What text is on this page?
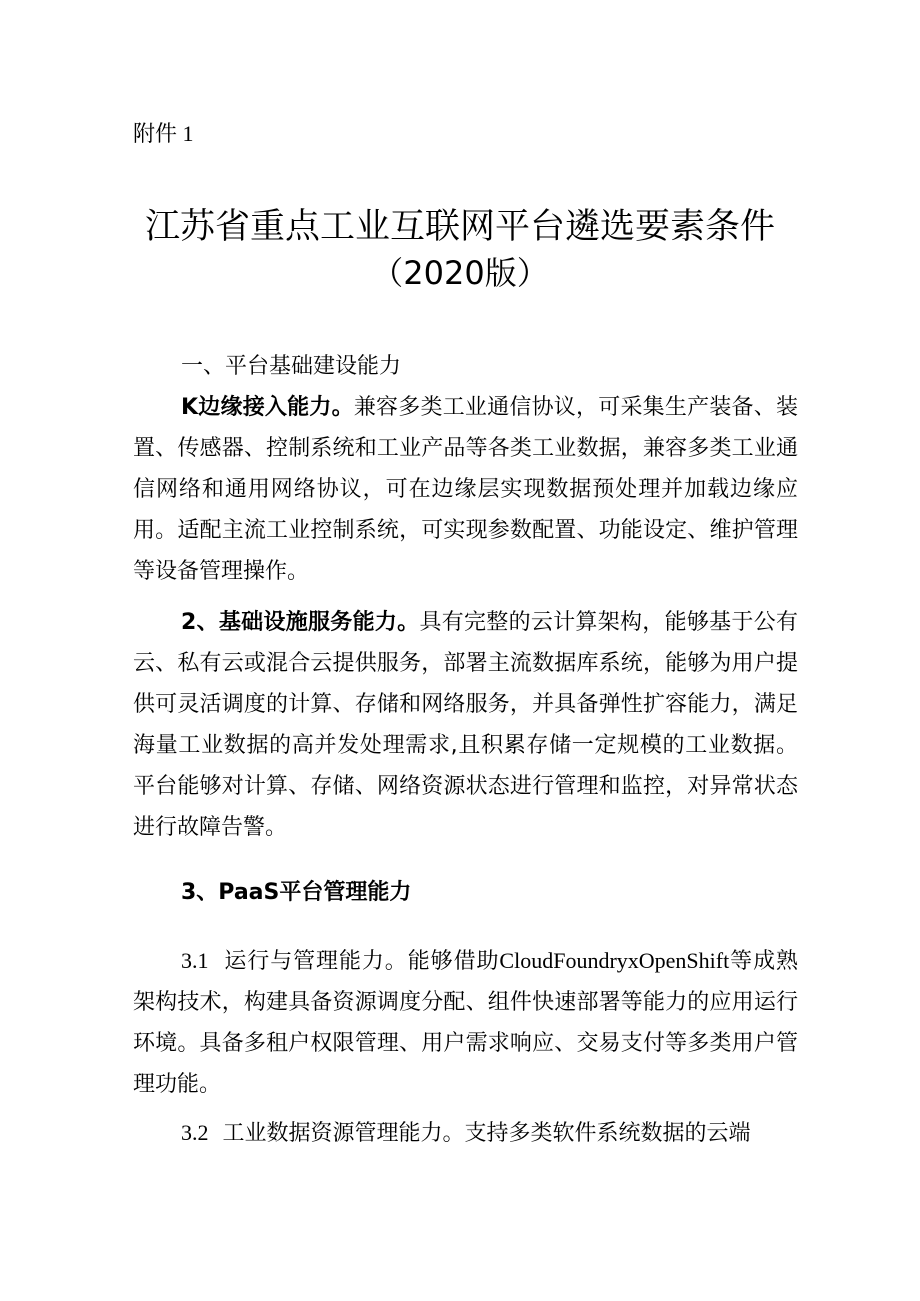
附件 1
江苏省重点工业互联网平台遴选要素条件
（2020版）

一、平台基础建设能力

K边缘接入能力。兼容多类工业通信协议，可采集生产装备、装置、传感器、控制系统和工业产品等各类工业数据，兼容多类工业通信网络和通用网络协议，可在边缘层实现数据预处理并加载边缘应用。适配主流工业控制系统，可实现参数配置、功能设定、维护管理等设备管理操作。

2、基础设施服务能力。具有完整的云计算架构，能够基于公有云、私有云或混合云提供服务，部署主流数据库系统，能够为用户提供可灵活调度的计算、存储和网络服务，并具备弹性扩容能力，满足海量工业数据的高并发处理需求,且积累存储一定规模的工业数据。平台能够对计算、存储、网络资源状态进行管理和监控，对异常状态进行故障告警。

3、PaaS平台管理能力

3.1 运行与管理能力。能够借助CloudFoundryxOpenShift等成熟架构技术，构建具备资源调度分配、组件快速部署等能力的应用运行环境。具备多租户权限管理、用户需求响应、交易支付等多类用户管理功能。

3.2 工业数据资源管理能力。支持多类软件系统数据的云端
